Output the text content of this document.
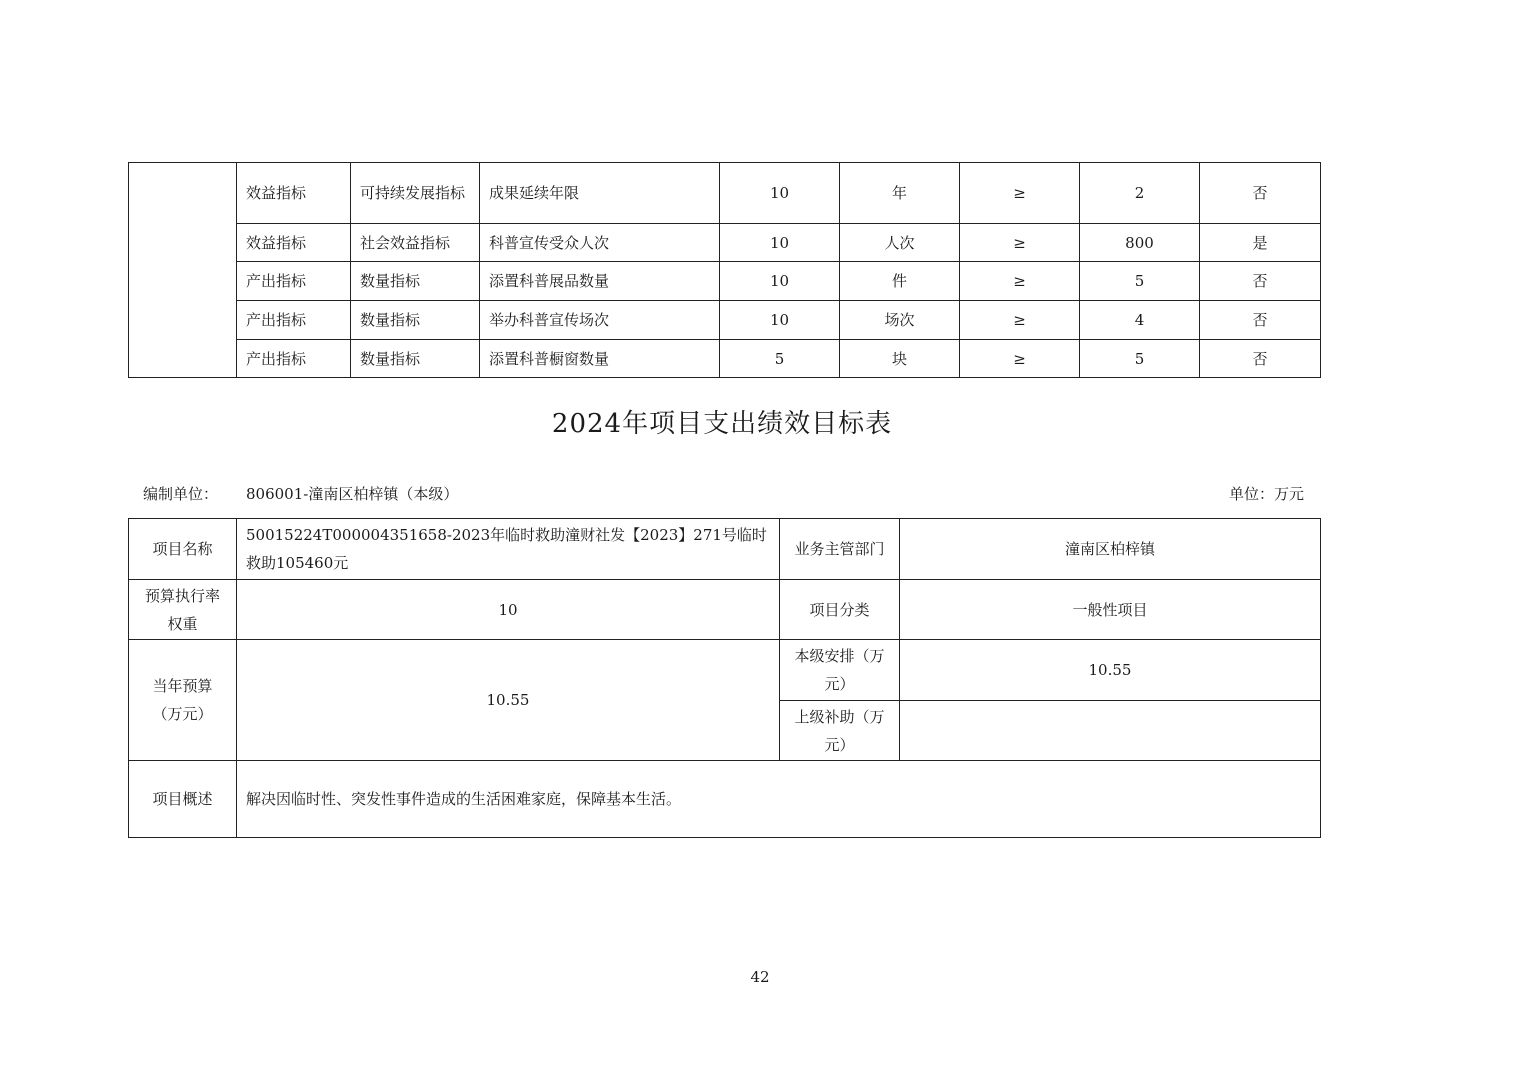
	效益指标	可持续发展指标	成果延续年限	10	年	≥	2	否
	效益指标	社会效益指标	科普宣传受众人次	10	人次	≥	800	是
	产出指标	数量指标	添置科普展品数量	10	件	≥	5	否
	产出指标	数量指标	举办科普宣传场次	10	场次	≥	4	否
	产出指标	数量指标	添置科普橱窗数量	5	块	≥	5	否
2024年项目支出绩效目标表
编制单位： 806001-潼南区柏梓镇（本级）	单位：万元
项目名称	50015224T000004351658-2023年临时救助潼财社发【2023】271号临时救助105460元	业务主管部门	潼南区柏梓镇
预算执行率权重	10	项目分类	一般性项目
当年预算（万元）	10.55	本级安排（万元）	10.55
		上级补助（万元）	
项目概述	解决因临时性、突发性事件造成的生活困难家庭，保障基本生活。		
42
